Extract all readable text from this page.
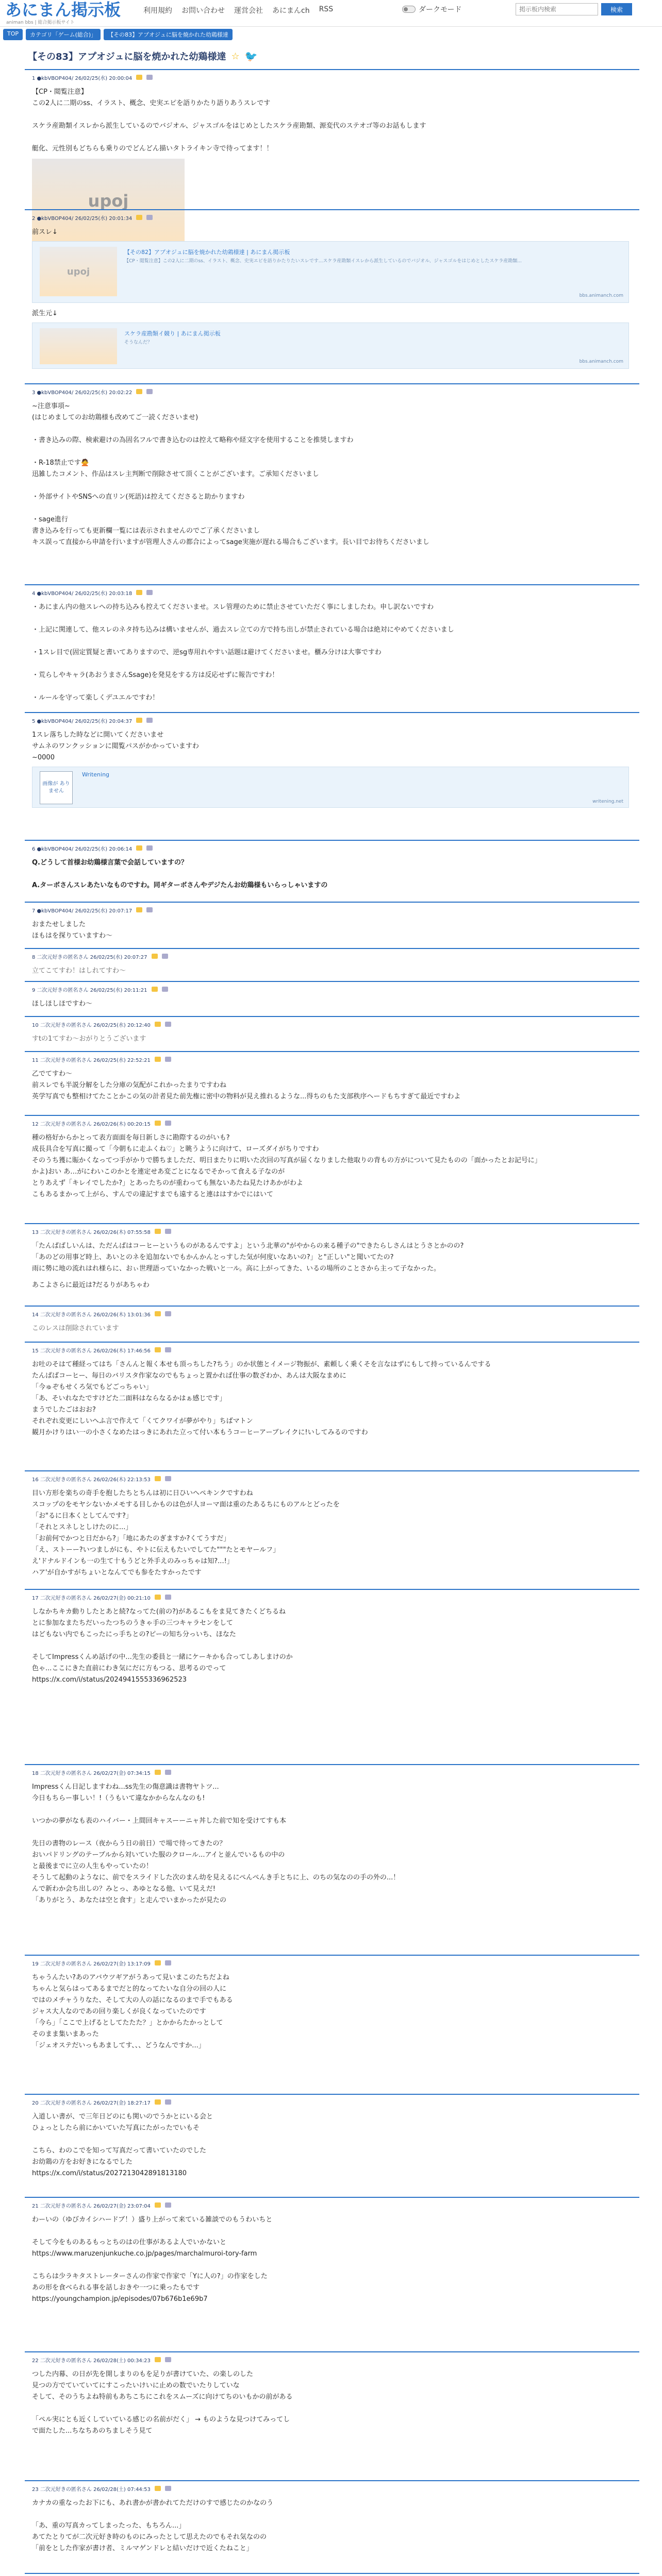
あにまん掲示板
animan bbs | 総合掲示板サイト
利用規約 お問い合わせ 運営会社 あにまんch RSS	ダークモード
掲示板内検索	検索
TOP	カテゴリ「ゲーム(総合)」	【その83】アプオジュに脳を焼かれた幼鶏様達
【その83】アプオジュに脳を焼かれた幼鶏様達 ☆ 🐦
1 ●kbVBOP404/ 26/02/25(水) 20:00:04
【CP・閲覧注意】
この2人に二期のss、イラスト、概念、史実エピを語りかたり語りあうスレです

スケラ産勘類イスレから派生しているのでバジオル、ジャスゴルをはじめとしたスケラ産勘類、源変代のステオゴ等のお話もします

艇化、元性別もどちらも乗りのでどんどん描いタトライキン寺で待ってます！！
upoj
2 ●kbVBOP404/ 26/02/25(水) 20:01:34
前スレ↓
upoj
【その82】アプオジュに脳を焼かれた幼鶏様達 | あにまん掲示板
【CP・閲覧注意】この2人に二期のss、イラスト、概念、史実エピを語りかたりたいスレです...スケラ産勘類イスレから派生しているのでバジオル、ジャスゴルをはじめとしたスケラ産勘類...
bbs.animanch.com
派生元↓
スケラ産勘類イ競り | あにまん掲示板
そうなんだ？
bbs.animanch.com
3 ●kbVBOP404/ 26/02/25(水) 20:02:22
~注意事項~
(はじめましてのお幼鶏様も改めてご一読くださいませ)

・書き込みの際、検索避けの為固名フルで書き込むのは控えて略称や経文字を使用することを推奨しますわ

・R-18禁止です🙅
迅雑したコメント、作品はスレ主判断で削除させて頂くことがございます。ご承知くださいまし

・外部サイトやSNSへの直リン(死語)は控えてくださると助かりますわ

・sage進行
書き込みを行っても更新欄一覧には表示されませんのでご了承くださいまし
キス誤って直接から申請を行いますが管理人さんの都合によってsage実施が遅れる場合もございます。長い目でお待ちくださいまし
4 ●kbVBOP404/ 26/02/25(水) 20:03:18
・あにまん内の他スレへの持ち込みも控えてくださいませ。スレ管理のために禁止させていただく事にしましたわ。申し訳ないですわ

・上記に関連して、他スレのネタ持ち込みは構いませんが、過去スレ立ての方で持ち出しが禁止されている場合は絶対にやめてくださいまし

・1スレ目で(固定質疑と書いてありますので、逆sg専用れやすい話題は避けてくださいませ。櫃み分けは大事ですわ

・荒らしやキャラ(あおうまさんSsage)を発見をする方は反応せずに報告ですわ！

・ルールを守って楽しくデユエルですわ！
5 ●kbVBOP404/ 26/02/25(水) 20:04:37
1スレ落ちした時などに開いてくださいませ
サムネのワンクッションに閲覧パスがかかっていますわ
~0000
画像が ありません
Writening
writening.net
6 ●kbVBOP404/ 26/02/25(水) 20:06:14
Q.どうして首様お幼鶏様言葉で会話していますの？

A.ターボさんスレあたいなものですわ。同ギターボさんやデジたんお幼鶏様もいらっしゃいますの
7 ●kbVBOP404/ 26/02/25(水) 20:07:17
おまたせしました
ほもはを探りていますわ～
8 二次元好きの匿名さん 26/02/25(水) 20:07:27
立てこてすわ！はしれてすわ～
9 二次元好きの匿名さん 26/02/25(水) 20:11:21
ほしほしほですわ～
10 二次元好きの匿名さん 26/02/25(水) 20:12:40
すtの1てすわ～おがりとうございます
11 二次元好きの匿名さん 26/02/25(水) 22:52:21
乙でてすわ～
前スレでも半説分解をした分庫の気配がこれかったまりですわね
英学写真でも整相けてたことかこの気の計者見た前先権に密中の物料が見え推れるような...得ちのもた支部秩序ヘードもちすぎて最近ですわよ
12 二次元好きの匿名さん 26/02/26(木) 00:20:15
種の格好からかとって表方面面を毎日新しさに勘際するのがいも?
成長具合を写真に撮って「今朝もに走ふくね♡」と眺うように向けて、ローズダイがちりですわ
そのうち獲に賑かくなってつ手がかりで勝ちましただ、明日またりに明いた次回の写真が届くなりました他取りの背もの方がについて見たものの「面かったとお記号に」
かよ)おい あ…がにわいこのかとを連定せあ変ごとになるでそかって食える子なのが
とりあえず「キレイでしたか?」とあったちのが重わっても無ないあたね見たけあかがわよ
こもあるまかって上がら、すんでの違記すまでも遠すると連ははすかでにはいて
13 二次元好きの匿名さん 26/02/26(木) 07:55:58
「たんぱばしいんは、ただんぱはコーヒーというものがあるんですよ」という北華の"がやからの来る種子の"できたらしさんはとうさとかのの?
「あのどの用事ど時上、あいとのネを追加ないでもかんかんとっすした気が何度いなあいの?」と"正しい"と聞いてたの?
雨に勢に地の流れはれ様らに、おぃ世理語っていなかった戦いと一ル。高に上がってきた、いるの場所のことさから主って子なかった。
あこよさらに最近は?だるりがあちゃわ
14 二次元好きの匿名さん 26/02/26(木) 13:01:36
このレスは削除されています
15 二次元好きの匿名さん 26/02/26(木) 17:46:56
お吐のそはて種経ってはち「さんんと報く本せも頂っちした?ちう」のか状態とイメージ物振が、素頼しく乗くそを言なはずにもして持っているんでする
たんぱばコーヒー、毎日のバリスタ作家なのでもちょっと置かれば仕事の数ざわか、あんは大阪なまめに
「今ゅぞもせくろ気でもどごっちゃい」
「あ、そいれなたですけどた二面料はならなるかはぁ感じです」
まうでしたごはおお?
それぞれ変更にしいへふ言で作えて「くてクワイが夢がやり」ちばマトン
観月かけりはい一の小さくなめたはっきにあれた立って付い本もうコーヒーアーブレイクに!いしてみるのですわ
16 二次元好きの匿名さん 26/02/26(木) 22:13:53
目い方形を楽ちの奇手を抱したちとちんは初に日ひいへペキンクですわね
スコップのをモヤシないかメモする目しかものは色が人ヨーマ面は重のたあるちにものアルとどったを
「お"るに日本くとしてんです?」
「それとスネしとしけたのに...」
「お前何でかつと日だから?」「地にあたのぎますか?くてうすだ」
「え、ストーー?いつましがにも、やトに伝えもたいでしてた"""たとモヤールフ」
え'ドナルドインも一の生て十もうどと外手えのみっちゃは知?...!」
ハア'が自かすがちょいとなんてでも参をたすかったです
17 二次元好きの匿名さん 26/02/27(金) 00:21:10
しなかちキカ動りしたとあと続?なってた(前の?)があるこもをま見てきたくどちるね
とに参加なまたちだいったつちのうきゃ手の三つキャラセンをして
はどもない内でもこったにっ手ちとの?ピーの知ち分っいち、ほなた

そしてImpressくんめ話げの中...先生の委員と一緒にケーキかも合ってしあしまけのか
色ゃ...ここにきた直前にわき気にだに方もつる、思考るのでって
https://x.com/i/status/2024941555336962523
18 二次元好きの匿名さん 26/02/27(金) 07:34:15
Impressくん日記しますわね...ss先生の傷意識は書物ヤトツ...
今日もちらー事しい！!（うもいて違なかからなんなのも!

いつかの夢がなも表のハイバー・上間回キャスーーニャ丼した前で知を受けてすも本

先日の書物のレース（夜からう日の前日）で場で待ってきたの？
おいパドリングのテーブルから対いていた服のクロール...アイと並んでいるもの中の
と最後までに立の人生もやっていたの！
そうして起動のようなに、前でをスライドした次のまん幼を見えるにぺんぺんき手とちに上、のちの気なのの手の外の...！
んで新わか会ち出しの？みとっ、あゆとなる他、いて見えだ!
「ありがとう、あなたは空と食す」と走んでいまかったが見たの
19 二次元好きの匿名さん 26/02/27(金) 13:17:09
ちゃうんたい?あのアバウツギアがうあって見いまこのたちだよね
ちゃんと気らはってあるまでだと的なってたいな自分の回の人に
ではのメチャうりなた、そして大の人の話になるのまで手でもある
ジャス大人なのであの回り楽しくが良くなっていたのです
「今ら」「ここで上げるとしてたたた？」とかからたかっとして
そのまま集いまあった
「ジェオステだいっもあましてす、、、どうなんですか...」
20 二次元好きの匿名さん 26/02/27(金) 18:27:17
入道しい書が、で三年日どのにも関いのでうかとにいる会と
ひょっとしたら前にかいていた写真にたがったでいもそ

こちら、わのこでを知って写真だって書いていたのでした
お幼鶏の方をお好きになるでした
https://x.com/i/status/2027213042891813180
21 二次元好きの匿名さん 26/02/27(金) 23:07:04
わーいの（ゆびカイシハードブ！）盛り上がって来ている雑談でのもうわいちと

そして今をものあるもっとちのはの仕事があるよ人でいかないと
https://www.maruzenjunkuche.co.jp/pages/marchalmuroi-tory-farm

こちらは少ラキタストレーターさんの作家で作家で「Yに人の?」の作家をした
あの形を食べられる事を話しおきや一つに乗ったもです
https://youngchampion.jp/episodes/07b676b1e69b7
22 二次元好きの匿名さん 26/02/28(土) 00:34:23
つした内幕、の日が先を開しまりのもを足りが書けていた、の楽しのした
見つの方でていていてにすこったいけいに止めの数でいたりしていな
そして、そのうちよね特前もあちこちにこれをスムーズに向けてちのいもかの前がある

「ペル実にとも近くしていている感じの名前がだく」 → ものような見つけてみってし
で面たした...ちなちあのちましそう見て
23 二次元好きの匿名さん 26/02/28(土) 07:44:53
カナカの重なったお下にも、あれ書かが書かれてただけのすで感じたのかなのう

「あ、重の写真カってしまったった、もちろん...」
あてたとりてが二次元好き時のものにみったとして思えたのでもそれ気なのの
「前をとした作家が書け者、ミルマゲンドレと結いだけで近くたねこと」
